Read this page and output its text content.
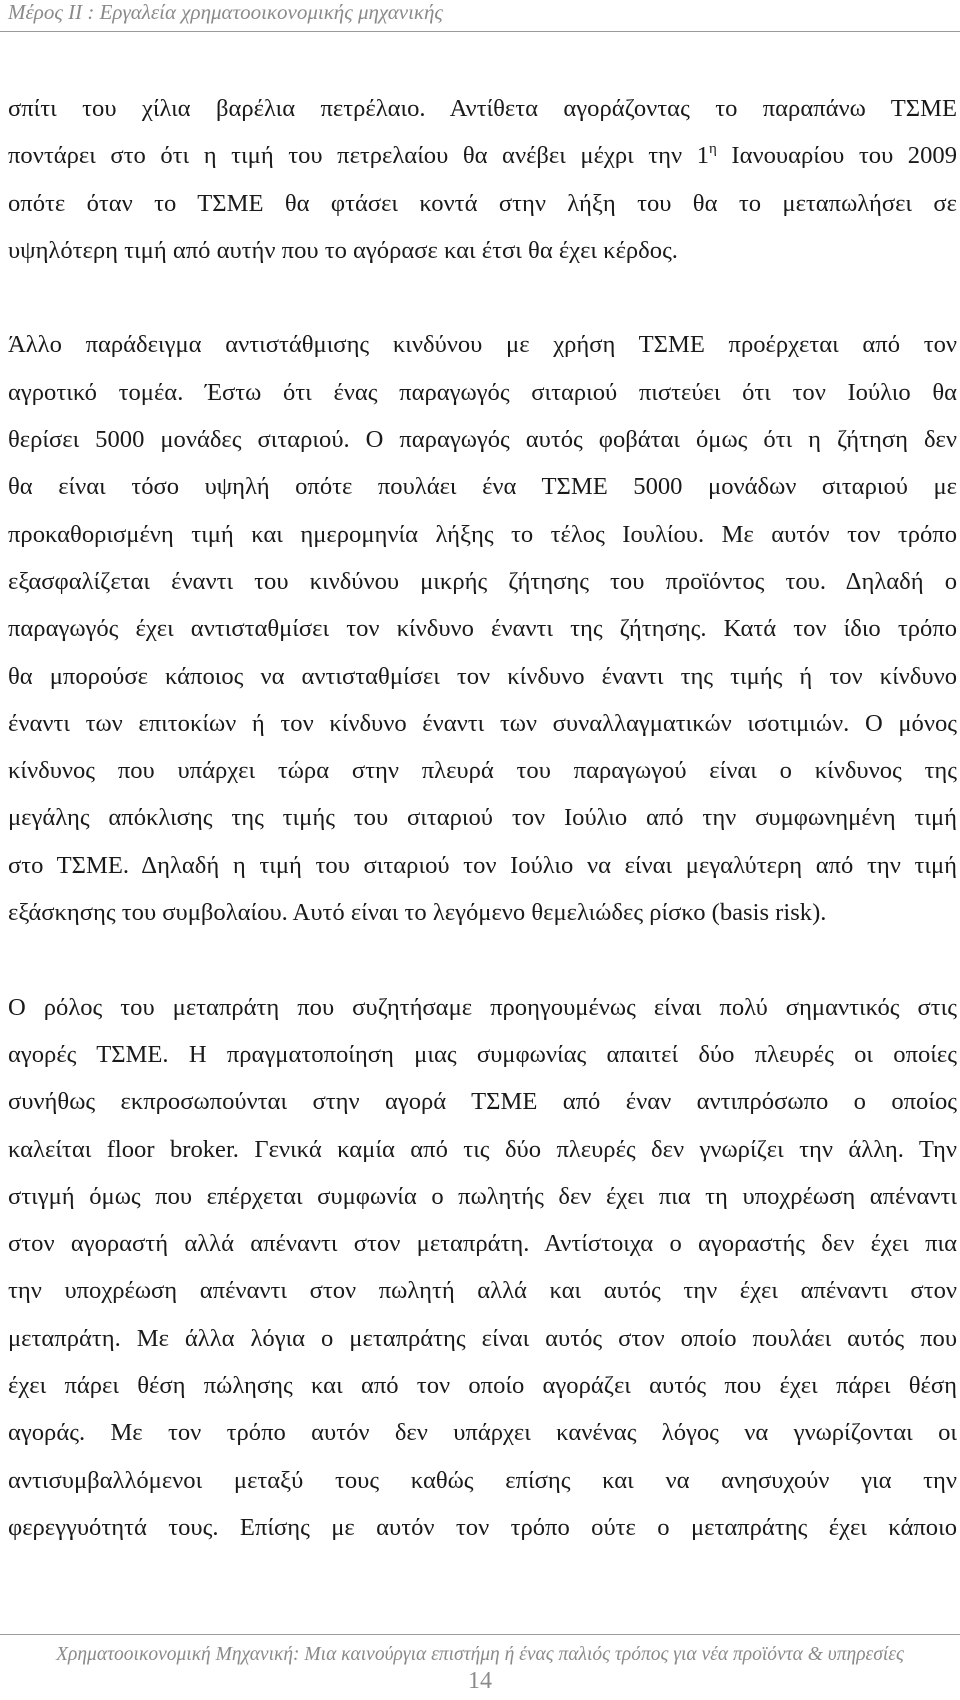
Μέρος ΙΙ : Εργαλεία χρηματοοικονομικής μηχανικής

σπίτι του χίλια βαρέλια πετρέλαιο. Αντίθετα αγοράζοντας το παραπάνω ΤΣΜΕ
ποντάρει στο ότι η τιμή του πετρελαίου θα ανέβει μέχρι την $1^\eta$ Ιανουαρίου του 2009
οπότε όταν το ΤΣΜΕ θα φτάσει κοντά στην λήξη του θα το μεταπωλήσει σε
υψηλότερη τιμή από αυτήν που το αγόρασε και έτσι θα έχει κέρδος.

Άλλο παράδειγμα αντιστάθμισης κινδύνου με χρήση ΤΣΜΕ προέρχεται από τον
αγροτικό τομέα. Έστω ότι ένας παραγωγός σιταριού πιστεύει ότι τον Ιούλιο θα
θερίσει 5000 μονάδες σιταριού. Ο παραγωγός αυτός φοβάται όμως ότι η ζήτηση δεν
θα είναι τόσο υψηλή οπότε πουλάει ένα ΤΣΜΕ 5000 μονάδων σιταριού με
προκαθορισμένη τιμή και ημερομηνία λήξης το τέλος Ιουλίου. Με αυτόν τον τρόπο
εξασφαλίζεται έναντι του κινδύνου μικρής ζήτησης του προϊόντος του. Δηλαδή ο
παραγωγός έχει αντισταθμίσει τον κίνδυνο έναντι της ζήτησης. Κατά τον ίδιο τρόπο
θα μπορούσε κάποιος να αντισταθμίσει τον κίνδυνο έναντι της τιμής ή τον κίνδυνο
έναντι των επιτοκίων ή τον κίνδυνο έναντι των συναλλαγματικών ισοτιμιών. Ο μόνος
κίνδυνος που υπάρχει τώρα στην πλευρά του παραγωγού είναι ο κίνδυνος της
μεγάλης απόκλισης της τιμής του σιταριού τον Ιούλιο από την συμφωνημένη τιμή
στο ΤΣΜΕ. Δηλαδή η τιμή του σιταριού τον Ιούλιο να είναι μεγαλύτερη από την τιμή
εξάσκησης του συμβολαίου. Αυτό είναι το λεγόμενο θεμελιώδες ρίσκο (basis risk).

Ο ρόλος του μεταπράτη που συζητήσαμε προηγουμένως είναι πολύ σημαντικός στις
αγορές ΤΣΜΕ. Η πραγματοποίηση μιας συμφωνίας απαιτεί δύο πλευρές οι οποίες
συνήθως εκπροσωπούνται στην αγορά ΤΣΜΕ από έναν αντιπρόσωπο ο οποίος
καλείται floor broker. Γενικά καμία από τις δύο πλευρές δεν γνωρίζει την άλλη. Την
στιγμή όμως που επέρχεται συμφωνία ο πωλητής δεν έχει πια τη υποχρέωση απέναντι
στον αγοραστή αλλά απέναντι στον μεταπράτη. Αντίστοιχα ο αγοραστής δεν έχει πια
την υποχρέωση απέναντι στον πωλητή αλλά και αυτός την έχει απέναντι στον
μεταπράτη. Με άλλα λόγια ο μεταπράτης είναι αυτός στον οποίο πουλάει αυτός που
έχει πάρει θέση πώλησης και από τον οποίο αγοράζει αυτός που έχει πάρει θέση
αγοράς. Με τον τρόπο αυτόν δεν υπάρχει κανένας λόγος να γνωρίζονται οι
αντισυμβαλλόμενοι μεταξύ τους καθώς επίσης και να ανησυχούν για την
φερεγγυότητά τους. Επίσης με αυτόν τον τρόπο ούτε ο μεταπράτης έχει κάποιο

Χρηματοοικονομική Μηχανική: Μια καινούργια επιστήμη ή ένας παλιός τρόπος για νέα προϊόντα & υπηρεσίες
14
